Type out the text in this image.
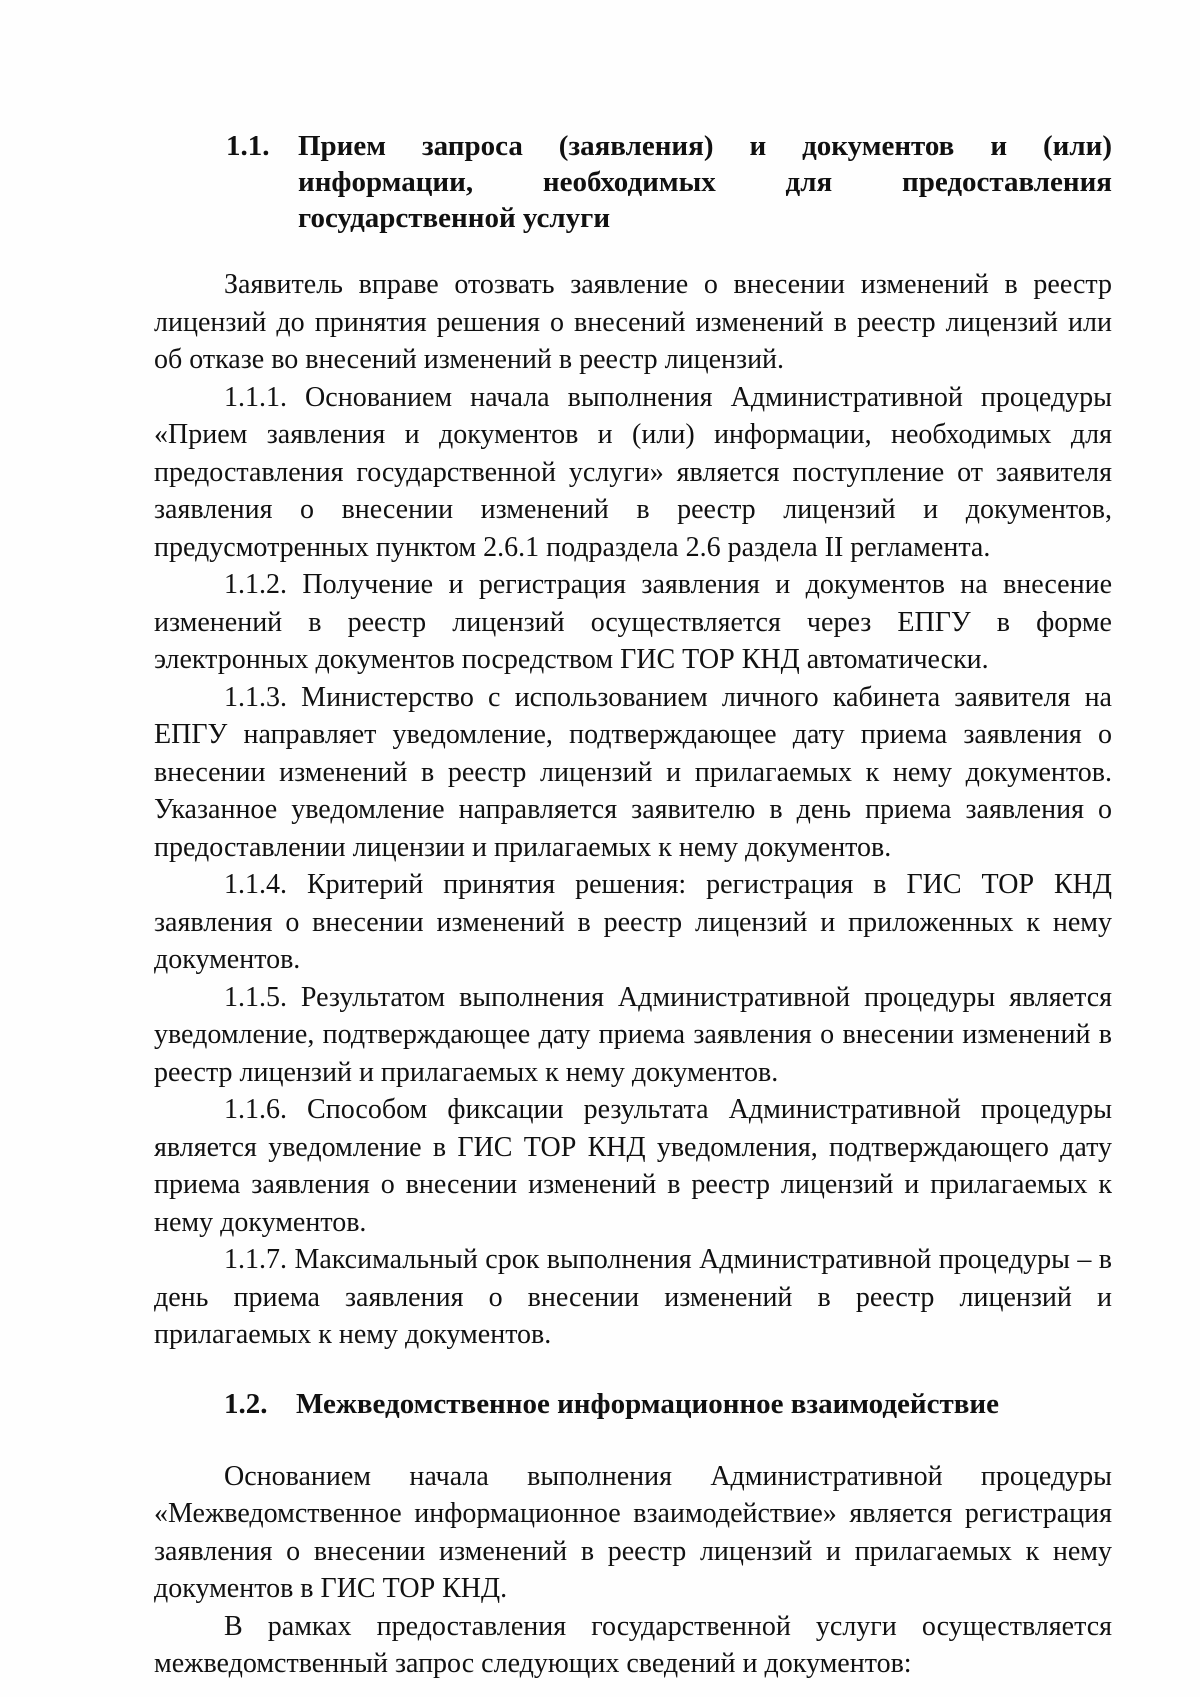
1.1. Прием запроса (заявления) и документов и (или) информации, необходимых для предоставления государственной услуги

Заявитель вправе отозвать заявление о внесении изменений в реестр лицензий до принятия решения о внесений изменений в реестр лицензий или об отказе во внесений изменений в реестр лицензий.

1.1.1. Основанием начала выполнения Административной процедуры «Прием заявления и документов и (или) информации, необходимых для предоставления государственной услуги» является поступление от заявителя заявления о внесении изменений в реестр лицензий и документов, предусмотренных пунктом 2.6.1 подраздела 2.6 раздела II регламента.

1.1.2. Получение и регистрация заявления и документов на внесение изменений в реестр лицензий осуществляется через ЕПГУ в форме электронных документов посредством ГИС ТОР КНД автоматически.

1.1.3. Министерство с использованием личного кабинета заявителя на ЕПГУ направляет уведомление, подтверждающее дату приема заявления о внесении изменений в реестр лицензий и прилагаемых к нему документов. Указанное уведомление направляется заявителю в день приема заявления о предоставлении лицензии и прилагаемых к нему документов.

1.1.4. Критерий принятия решения: регистрация в ГИС ТОР КНД заявления о внесении изменений в реестр лицензий и приложенных к нему документов.

1.1.5. Результатом выполнения Административной процедуры является уведомление, подтверждающее дату приема заявления о внесении изменений в реестр лицензий и прилагаемых к нему документов.

1.1.6. Способом фиксации результата Административной процедуры является уведомление в ГИС ТОР КНД уведомления, подтверждающего дату приема заявления о внесении изменений в реестр лицензий и прилагаемых к нему документов.

1.1.7. Максимальный срок выполнения Административной процедуры – в день приема заявления о внесении изменений в реестр лицензий и прилагаемых к нему документов.

1.2. Межведомственное информационное взаимодействие

Основанием начала выполнения Административной процедуры «Межведомственное информационное взаимодействие» является регистрация заявления о внесении изменений в реестр лицензий и прилагаемых к нему документов в ГИС ТОР КНД.

В рамках предоставления государственной услуги осуществляется межведомственный запрос следующих сведений и документов:
